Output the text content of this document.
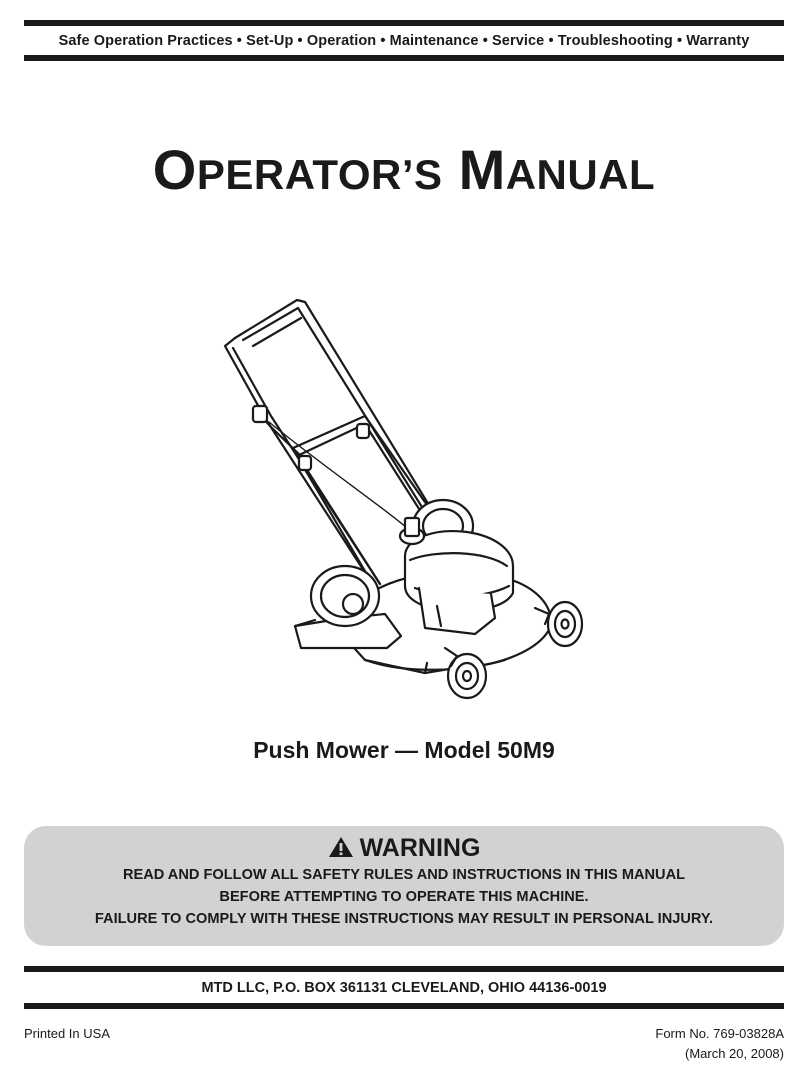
Safe Operation Practices • Set-Up • Operation • Maintenance • Service • Troubleshooting • Warranty
OPERATOR’S MANUAL
Push Mower — Model 50M9
WARNING
READ AND FOLLOW ALL SAFETY RULES AND INSTRUCTIONS IN THIS MANUAL
BEFORE ATTEMPTING TO OPERATE THIS MACHINE.
FAILURE TO COMPLY WITH THESE INSTRUCTIONS MAY RESULT IN PERSONAL INJURY.
MTD LLC, P.O. BOX 361131 CLEVELAND, OHIO 44136-0019
Printed In USA	Form No. 769-03828A
(March 20, 2008)
